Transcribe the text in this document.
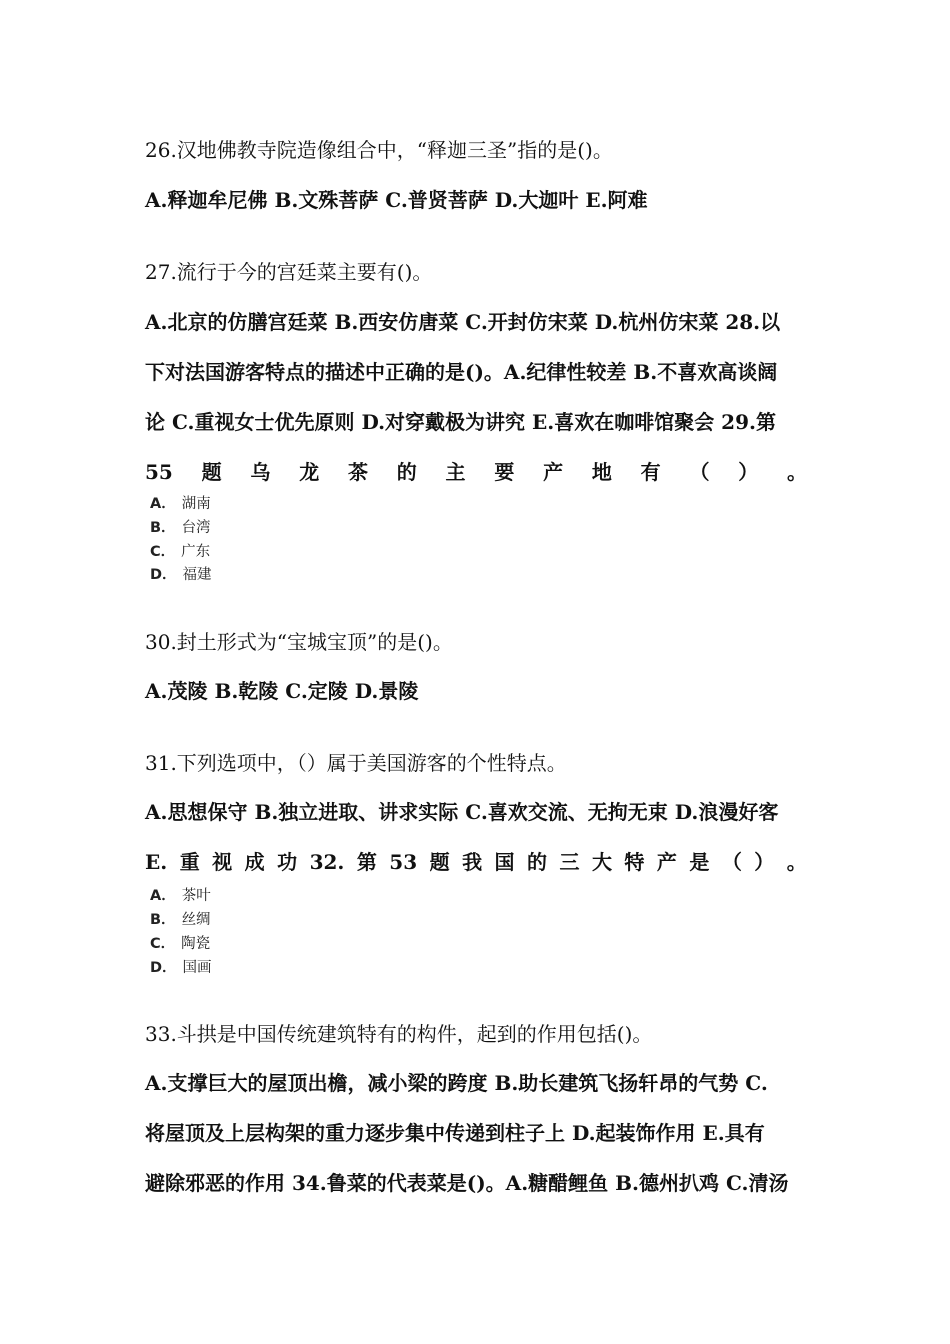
26.汉地佛教寺院造像组合中，“释迦三圣”指的是()。
A.释迦牟尼佛 B.文殊菩萨 C.普贤菩萨 D.大迦叶 E.阿难
27.流行于今的宫廷菜主要有()。
A.北京的仿膳宫廷菜 B.西安仿唐菜 C.开封仿宋菜 D.杭州仿宋菜 28.以
下对法国游客特点的描述中正确的是()。A.纪律性较差 B.不喜欢高谈阔
论 C.重视女士优先原则 D.对穿戴极为讲究 E.喜欢在咖啡馆聚会 29.第
55 题 乌 龙 茶 的 主 要 产 地 有 （ ） 。
A． 湖南
B． 台湾
C． 广东
D． 福建
30.封土形式为“宝城宝顶”的是()。
A.茂陵 B.乾陵 C.定陵 D.景陵
31.下列选项中，（）属于美国游客的个性特点。
A.思想保守 B.独立进取、讲求实际 C.喜欢交流、无拘无束 D.浪漫好客
E. 重 视 成 功 32. 第 53 题 我 国 的 三 大 特 产 是 （ ） 。
A． 茶叶
B． 丝绸
C． 陶瓷
D． 国画
33.斗拱是中国传统建筑特有的构件，起到的作用包括()。
A.支撑巨大的屋顶出檐，减小梁的跨度 B.助长建筑飞扬轩昂的气势 C.
将屋顶及上层构架的重力逐步集中传递到柱子上 D.起装饰作用 E.具有
避除邪恶的作用 34.鲁菜的代表菜是()。A.糖醋鲤鱼 B.德州扒鸡 C.清汤
